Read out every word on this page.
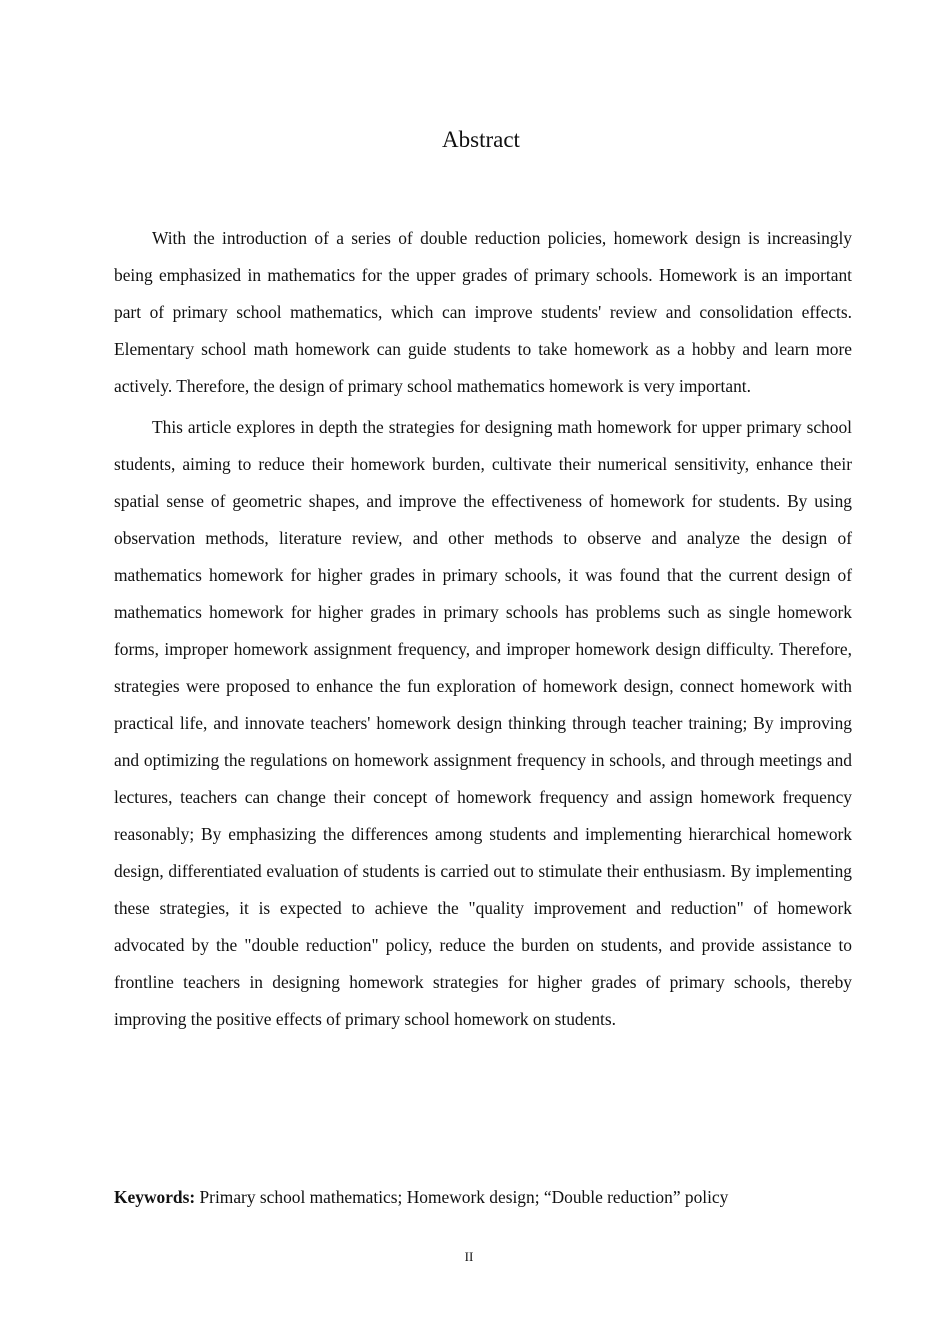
Abstract

With the introduction of a series of double reduction policies, homework design is increasingly being emphasized in mathematics for the upper grades of primary schools. Homework is an important part of primary school mathematics, which can improve students' review and consolidation effects. Elementary school math homework can guide students to take homework as a hobby and learn more actively. Therefore, the design of primary school mathematics homework is very important.

This article explores in depth the strategies for designing math homework for upper primary school students, aiming to reduce their homework burden, cultivate their numerical sensitivity, enhance their spatial sense of geometric shapes, and improve the effectiveness of homework for students. By using observation methods, literature review, and other methods to observe and analyze the design of mathematics homework for higher grades in primary schools, it was found that the current design of mathematics homework for higher grades in primary schools has problems such as single homework forms, improper homework assignment frequency, and improper homework design difficulty. Therefore, strategies were proposed to enhance the fun exploration of homework design, connect homework with practical life, and innovate teachers' homework design thinking through teacher training; By improving and optimizing the regulations on homework assignment frequency in schools, and through meetings and lectures, teachers can change their concept of homework frequency and assign homework frequency reasonably; By emphasizing the differences among students and implementing hierarchical homework design, differentiated evaluation of students is carried out to stimulate their enthusiasm. By implementing these strategies, it is expected to achieve the "quality improvement and reduction" of homework advocated by the "double reduction" policy, reduce the burden on students, and provide assistance to frontline teachers in designing homework strategies for higher grades of primary schools, thereby improving the positive effects of primary school homework on students.

Keywords: Primary school mathematics; Homework design; “Double reduction” policy

II
